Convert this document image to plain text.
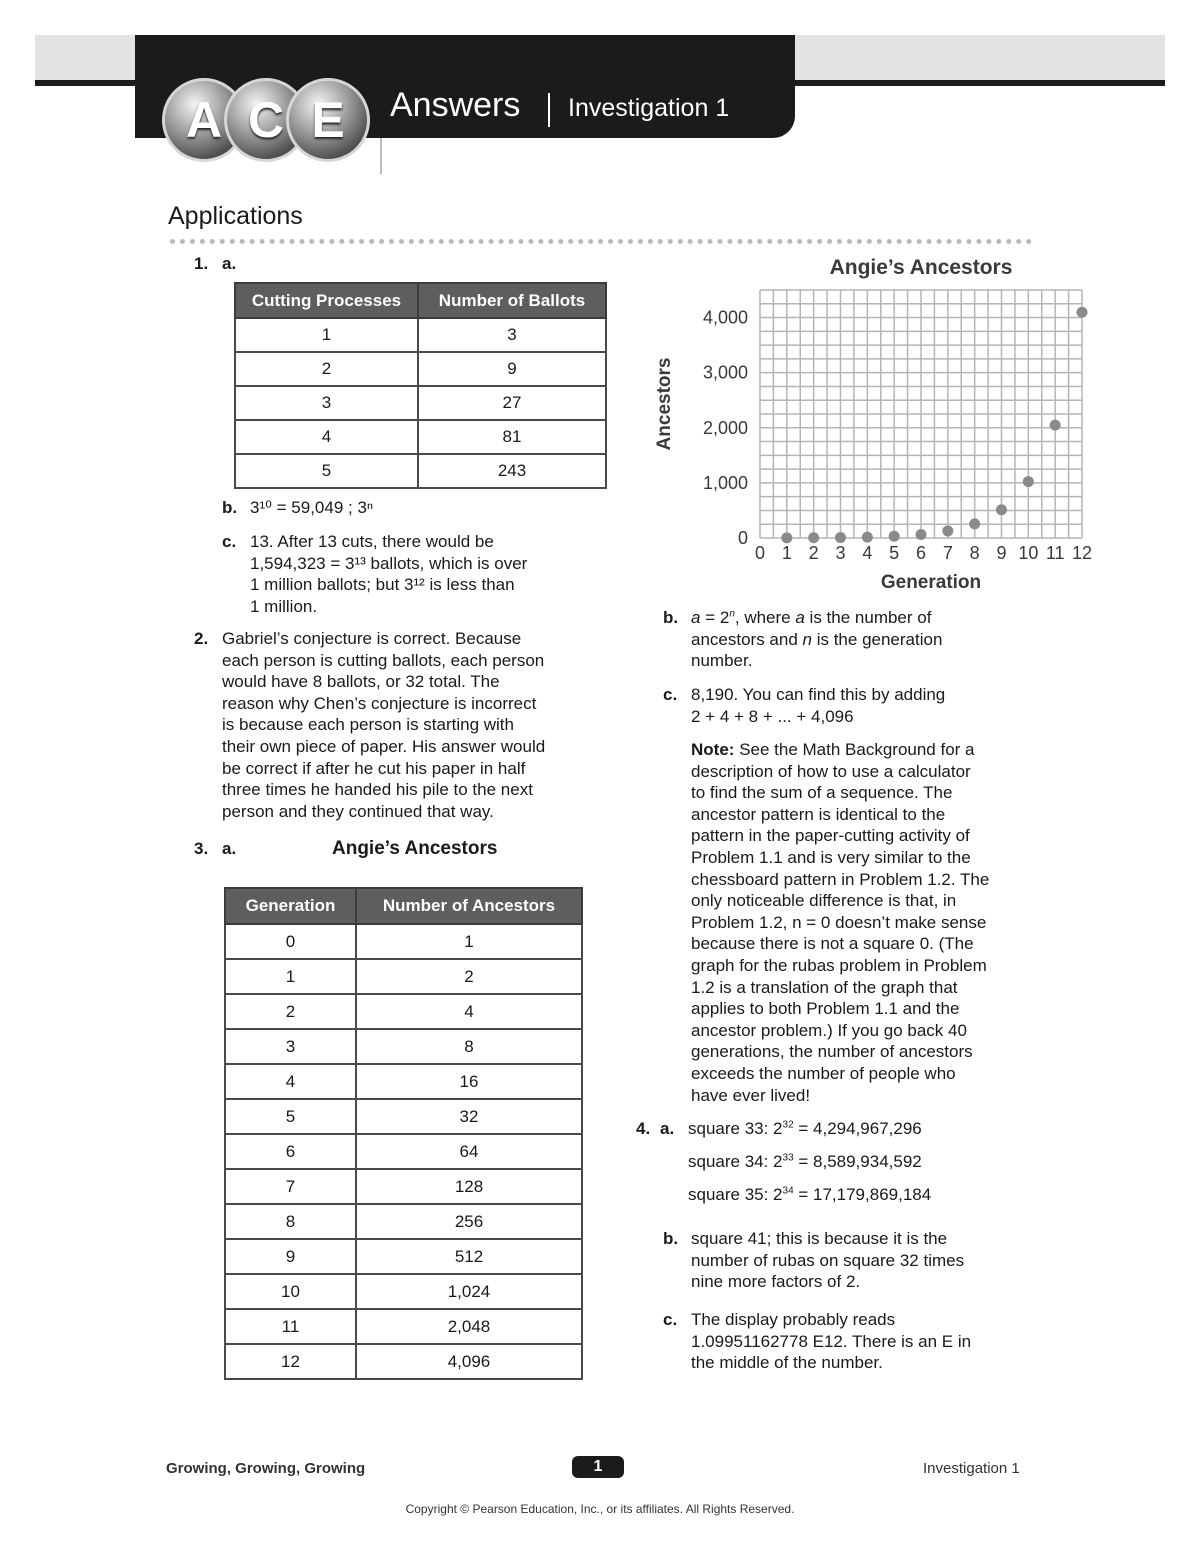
A C E	Answers Investigation 1
Applications
1. a.
Cutting Processes	Number of Ballots
1	3
2	9
3	27
4	81
5	243
b. 3¹⁰ = 59,049 ; 3ⁿ
c. 13. After 13 cuts, there would be
1,594,323 = 3¹³ ballots, which is over
1 million ballots; but 3¹² is less than
1 million.
2. Gabriel’s conjecture is correct. Because
each person is cutting ballots, each person
would have 8 ballots, or 32 total. The
reason why Chen’s conjecture is incorrect
is because each person is starting with
their own piece of paper. His answer would
be correct if after he cut his paper in half
three times he handed his pile to the next
person and they continued that way.
3. a.	Angie’s Ancestors
Generation	Number of Ancestors
0	1
1	2
2	4
3	8
4	16
5	32
6	64
7	128
8	256
9	512
10	1,024
11	2,048
12	4,096
Angie’s Ancestors
0
1,000
2,000
3,000
4,000
0 1 2 3 4 5 6 7 8 9 10 11 12
Generation
Ancestors
b. $a = 2^n$, where a is the number of
ancestors and n is the generation
number.
c. 8,190. You can find this by adding
2 + 4 + 8 + ... + 4,096
Note: See the Math Background for a
description of how to use a calculator
to find the sum of a sequence. The
ancestor pattern is identical to the
pattern in the paper-cutting activity of
Problem 1.1 and is very similar to the
chessboard pattern in Problem 1.2. The
only noticeable difference is that, in
Problem 1.2, n = 0 doesn’t make sense
because there is not a square 0. (The
graph for the rubas problem in Problem
1.2 is a translation of the graph that
applies to both Problem 1.1 and the
ancestor problem.) If you go back 40
generations, the number of ancestors
exceeds the number of people who
have ever lived!
4. a. square 33: $2^{32} = 4,294,967,296$
square 34: $2^{33} = 8,589,934,592$
square 35: $2^{34} = 17,179,869,184$
b. square 41; this is because it is the
number of rubas on square 32 times
nine more factors of 2.
c. The display probably reads
1.09951162778 E12. There is an E in
the middle of the number.
Growing, Growing, Growing	1	Investigation 1
Copyright © Pearson Education, Inc., or its affiliates. All Rights Reserved.
